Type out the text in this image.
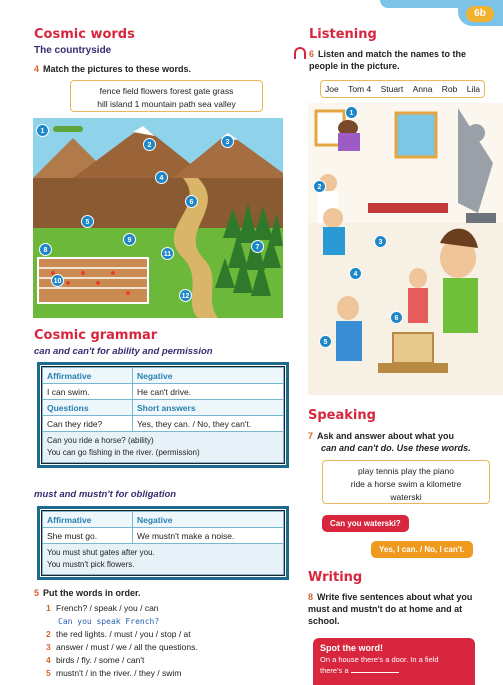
6b
Cosmic words
The countryside
4 Match the pictures to these words.
fence field flowers forest gate grass
hill island 1 mountain path sea valley
1
2	3
4
5
6
7
8
9
10
11
12
Listening
6 Listen and match the names to the people in the picture.
Joe Tom 4 Stuart Anna Rob Lila
1
2
3
4
5
6
Cosmic grammar
can and can't for ability and permission
Affirmative	Negative
I can swim.	He can't drive.
Questions	Short answers
Can they ride?	Yes, they can. / No, they can't.
Can you ride a horse? (ability)
You can go fishing in the river. (permission)
must and mustn't for obligation
Affirmative	Negative
She must go.	We mustn't make a noise.
You must shut gates after you.
You mustn't pick flowers.
5 Put the words in order.
1 French? / speak / you / can
Can you speak French?
2 the red lights. / must / you / stop / at
3 answer / must / we / all the questions.
4 birds / fly. / some / can't
5 mustn't / in the river. / they / swim
Speaking
7 Ask and answer about what you
can and can't do. Use these words.
play tennis play the piano
ride a horse swim a kilometre
waterski
Can you waterski?
Yes, I can. / No, I can't.
Writing
8 Write five sentences about what you must and mustn't do at home and at school.
Spot the word!
On a house there's a door. In a field
there's a
